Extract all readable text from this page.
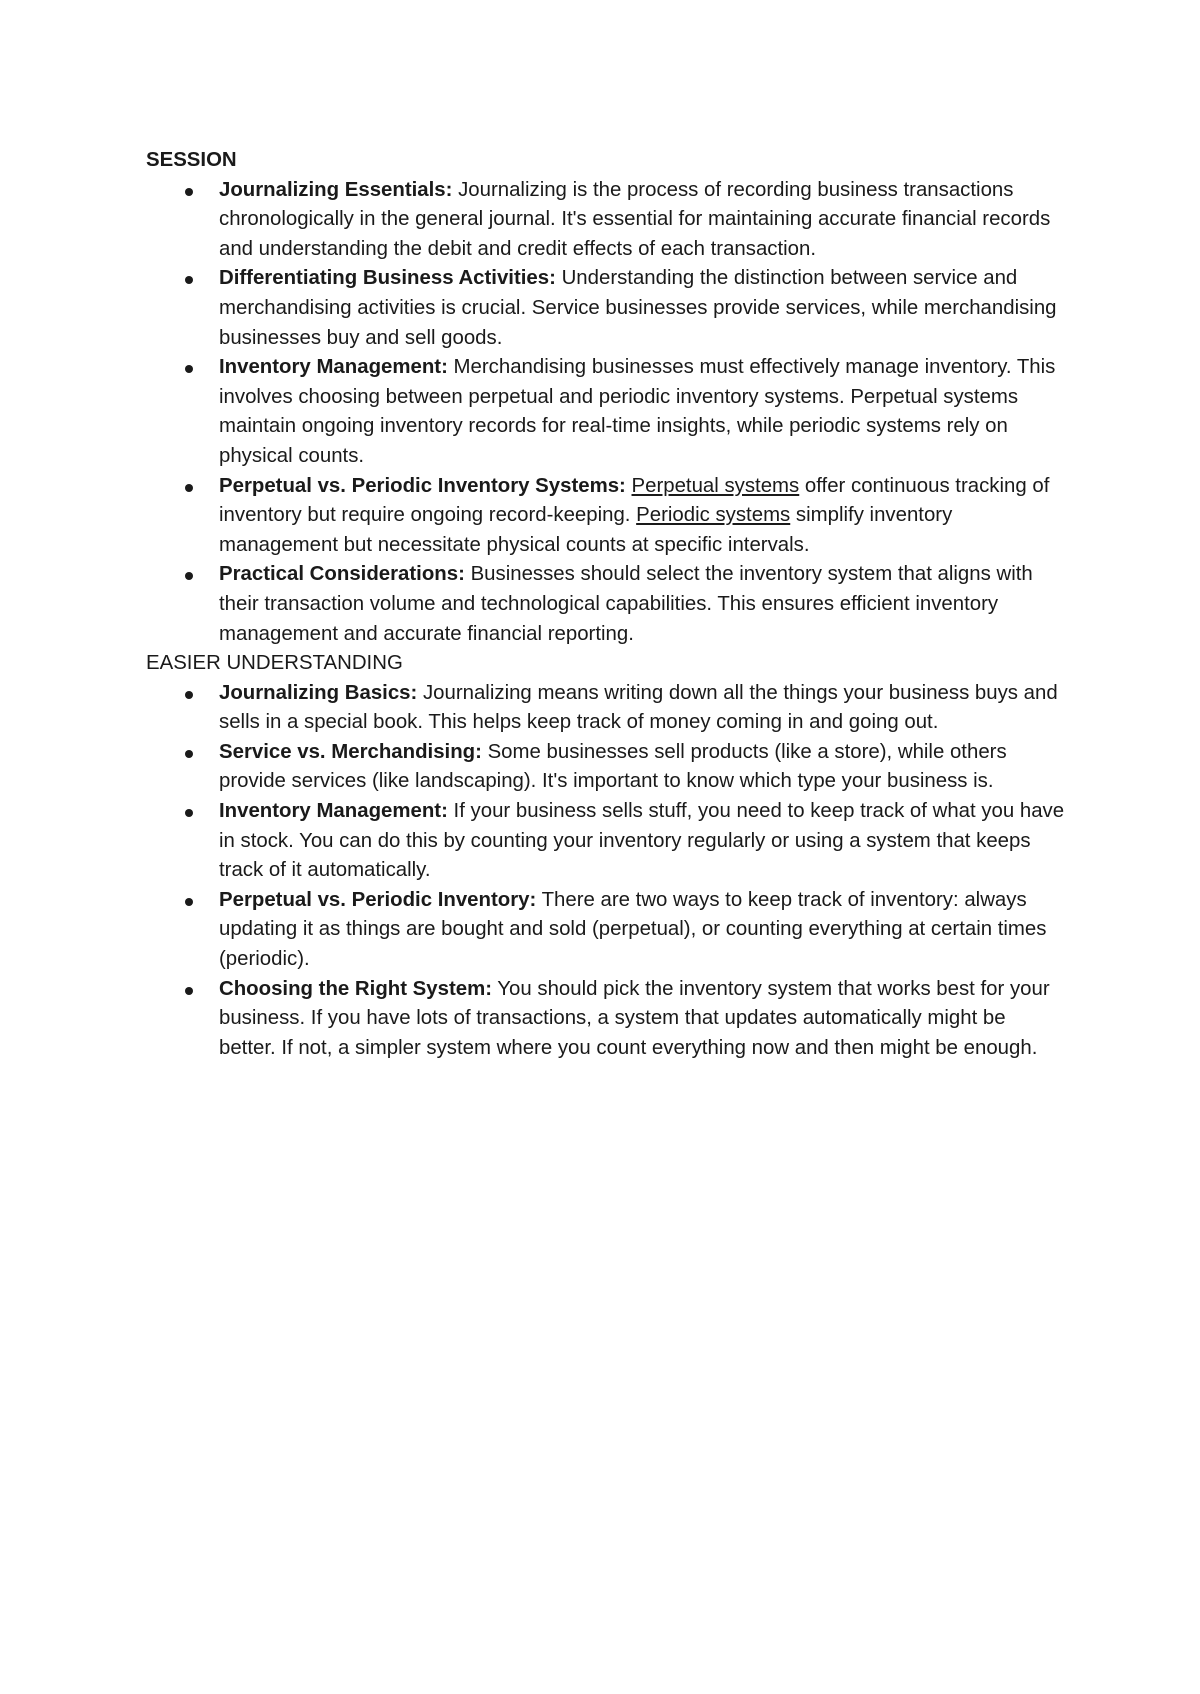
SESSION

Journalizing Essentials: Journalizing is the process of recording business transactions chronologically in the general journal. It's essential for maintaining accurate financial records and understanding the debit and credit effects of each transaction.
Differentiating Business Activities: Understanding the distinction between service and merchandising activities is crucial. Service businesses provide services, while merchandising businesses buy and sell goods.
Inventory Management: Merchandising businesses must effectively manage inventory. This involves choosing between perpetual and periodic inventory systems. Perpetual systems maintain ongoing inventory records for real-time insights, while periodic systems rely on physical counts.
Perpetual vs. Periodic Inventory Systems: Perpetual systems offer continuous tracking of inventory but require ongoing record-keeping. Periodic systems simplify inventory management but necessitate physical counts at specific intervals.
Practical Considerations: Businesses should select the inventory system that aligns with their transaction volume and technological capabilities. This ensures efficient inventory management and accurate financial reporting.

EASIER UNDERSTANDING

Journalizing Basics: Journalizing means writing down all the things your business buys and sells in a special book. This helps keep track of money coming in and going out.
Service vs. Merchandising: Some businesses sell products (like a store), while others provide services (like landscaping). It's important to know which type your business is.
Inventory Management: If your business sells stuff, you need to keep track of what you have in stock. You can do this by counting your inventory regularly or using a system that keeps track of it automatically.
Perpetual vs. Periodic Inventory: There are two ways to keep track of inventory: always updating it as things are bought and sold (perpetual), or counting everything at certain times (periodic).
Choosing the Right System: You should pick the inventory system that works best for your business. If you have lots of transactions, a system that updates automatically might be better. If not, a simpler system where you count everything now and then might be enough.
